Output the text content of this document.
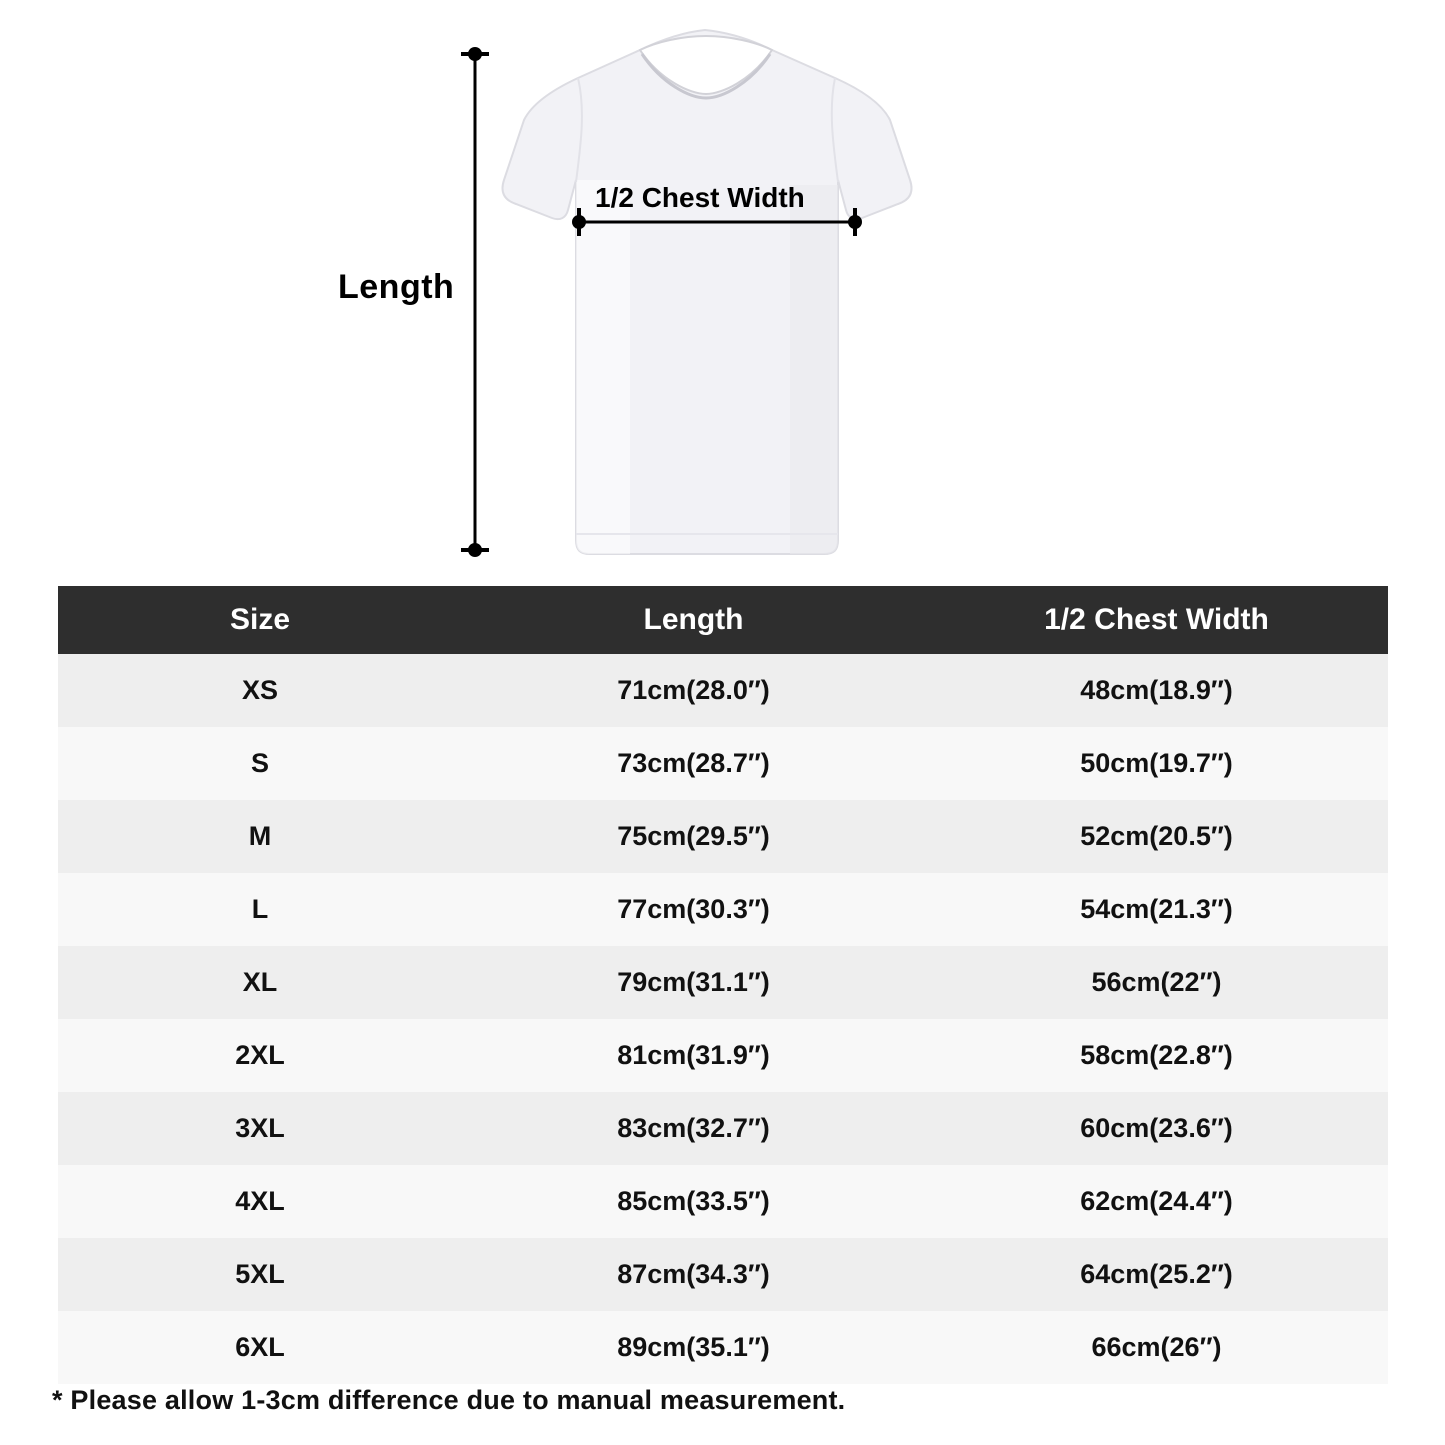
Length
1/2 Chest Width
Size	Length	1/2 Chest Width
XS	71cm(28.0″)	48cm(18.9″)
S	73cm(28.7″)	50cm(19.7″)
M	75cm(29.5″)	52cm(20.5″)
L	77cm(30.3″)	54cm(21.3″)
XL	79cm(31.1″)	56cm(22″)
2XL	81cm(31.9″)	58cm(22.8″)
3XL	83cm(32.7″)	60cm(23.6″)
4XL	85cm(33.5″)	62cm(24.4″)
5XL	87cm(34.3″)	64cm(25.2″)
6XL	89cm(35.1″)	66cm(26″)
* Please allow 1-3cm difference due to manual measurement.
